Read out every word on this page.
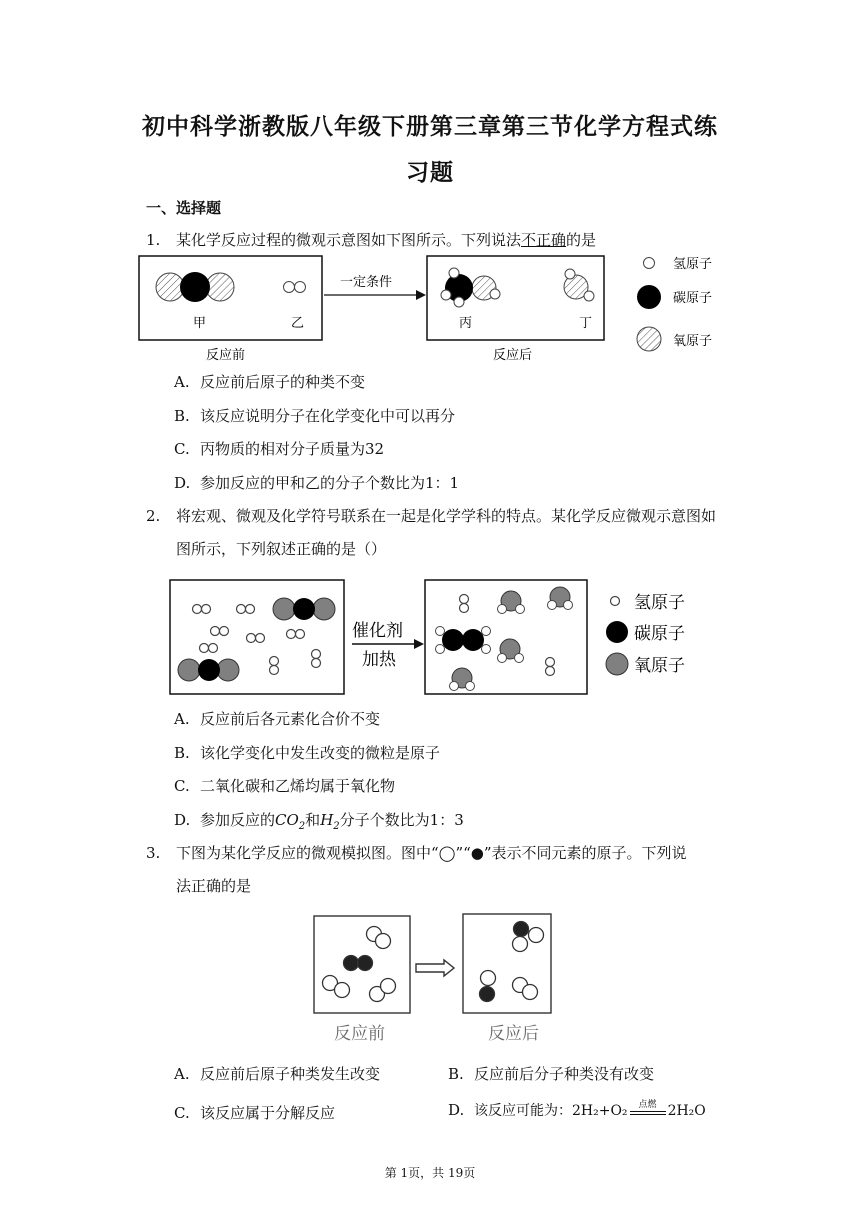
初中科学浙教版八年级下册第三章第三节化学方程式练
习题
一、选择题
1. 某化学反应过程的微观示意图如下图所示。下列说法不正确的是
甲	乙
反应前
一定条件
丙	丁
反应后
氢原子
碳原子
氧原子
A. 反应前后原子的种类不变
B. 该反应说明分子在化学变化中可以再分
C. 丙物质的相对分子质量为32
D. 参加反应的甲和乙的分子个数比为1：1
2. 将宏观、微观及化学符号联系在一起是化学学科的特点。某化学反应微观示意图如
图所示，下列叙述正确的是（）
催化剂
加热
氢原子
碳原子
氧原子
A. 反应前后各元素化合价不变
B. 该化学变化中发生改变的微粒是原子
C. 二氧化碳和乙烯均属于氧化物
D. 参加反应的$CO_2$和$H_2$分子个数比为1：3
3. 下图为某化学反应的微观模拟图。图中“◯”“●”表示不同元素的原子。下列说
法正确的是
反应前	反应后
A. 反应前后原子种类发生改变	B. 反应前后分子种类没有改变
C. 该反应属于分解反应	D. 该反应可能为：2H₂+O₂	点燃 2H₂O
第 1页，共 19页
